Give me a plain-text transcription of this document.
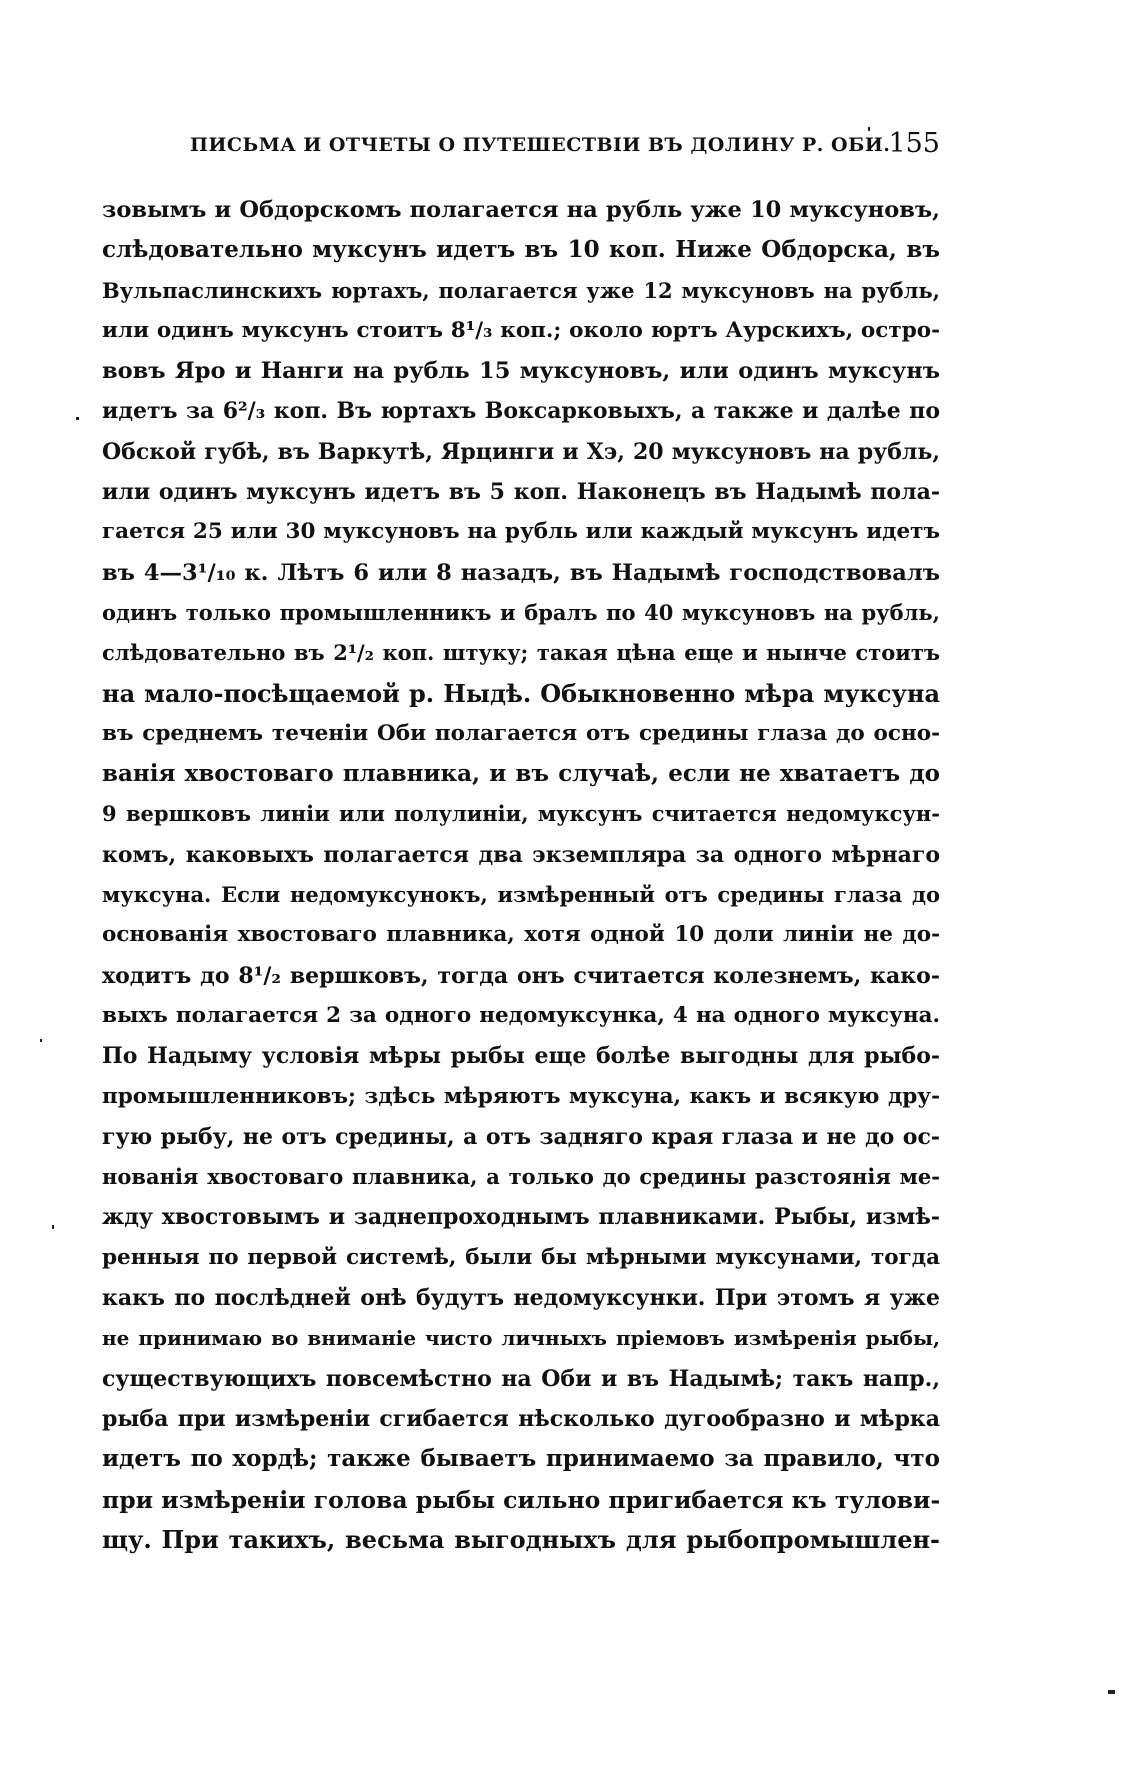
ПИСЬМА И ОТЧЕТЫ О ПУТЕШЕСТВІИ ВЪ ДОЛИНУ Р. ОБИ.
155
зовымъ и Обдорскомъ полагается на рубль уже 10 муксуновъ,
слѣдовательно муксунъ идетъ въ 10 коп. Ниже Обдорска, въ
Вульпаслинскихъ юртахъ, полагается уже 12 муксуновъ на рубль,
или одинъ муксунъ стоитъ 8¹/₃ коп.; около юртъ Аурскихъ, остро-
вовъ Яро и Нанги на рубль 15 муксуновъ, или одинъ муксунъ
идетъ за 6²/₃ коп. Въ юртахъ Воксарковыхъ, а также и далѣе по
Обской губѣ, въ Варкутѣ, Ярцинги и Хэ, 20 муксуновъ на рубль,
или одинъ муксунъ идетъ въ 5 коп. Наконецъ въ Надымѣ пола-
гается 25 или 30 муксуновъ на рубль или каждый муксунъ идетъ
въ 4—3¹/₁₀ к. Лѣтъ 6 или 8 назадъ, въ Надымѣ господствовалъ
одинъ только промышленникъ и бралъ по 40 муксуновъ на рубль,
слѣдовательно въ 2¹/₂ коп. штуку; такая цѣна еще и нынче стоитъ
на мало-посѣщаемой р. Ныдѣ. Обыкновенно мѣра муксуна
въ среднемъ теченіи Оби полагается отъ средины глаза до осно-
ванія хвостоваго плавника, и въ случаѣ, если не хватаетъ до
9 вершковъ линіи или полулиніи, муксунъ считается недомуксун-
комъ, каковыхъ полагается два экземпляра за одного мѣрнаго
муксуна. Если недомуксунокъ, измѣренный отъ средины глаза до
основанія хвостоваго плавника, хотя одной 10 доли линіи не до-
ходитъ до 8¹/₂ вершковъ, тогда онъ считается колезнемъ, како-
выхъ полагается 2 за одного недомуксунка, 4 на одного муксуна.
По Надыму условія мѣры рыбы еще болѣе выгодны для рыбо-
промышленниковъ; здѣсь мѣряютъ муксуна, какъ и всякую дру-
гую рыбу, не отъ средины, а отъ задняго края глаза и не до ос-
нованія хвостоваго плавника, а только до средины разстоянія ме-
жду хвостовымъ и заднепроходнымъ плавниками. Рыбы, измѣ-
ренныя по первой системѣ, были бы мѣрными муксунами, тогда
какъ по послѣдней онѣ будутъ недомуксунки. При этомъ я уже
не принимаю во вниманіе чисто личныхъ пріемовъ измѣренія рыбы,
существующихъ повсемѣстно на Оби и въ Надымѣ; такъ напр.,
рыба при измѣреніи сгибается нѣсколько дугообразно и мѣрка
идетъ по хордѣ; также бываетъ принимаемо за правило, что
при измѣреніи голова рыбы сильно пригибается къ тулови-
щу. При такихъ, весьма выгодныхъ для рыбопромышлен-
